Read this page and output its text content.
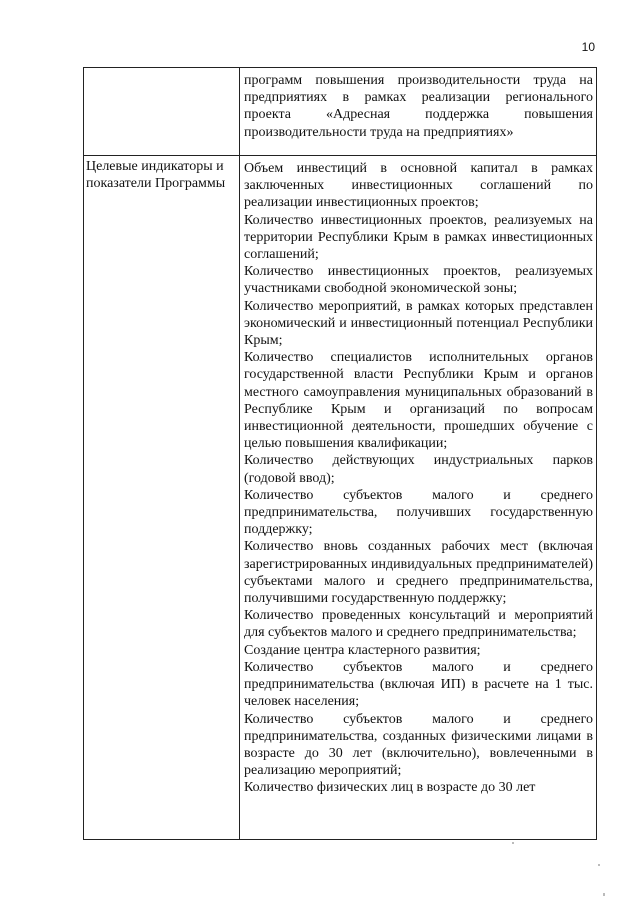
10
программ повышения производительности труда на предприятиях в рамках реализации регионального проекта «Адресная поддержка повышения производительности труда на предприятиях»
Целевые индикаторы и показатели Программы
Объем инвестиций в основной капитал в рамках заключенных инвестиционных соглашений по реализации инвестиционных проектов;
Количество инвестиционных проектов, реализуемых на территории Республики Крым в рамках инвестиционных соглашений;
Количество инвестиционных проектов, реализуемых участниками свободной экономической зоны;
Количество мероприятий, в рамках которых представлен экономический и инвестиционный потенциал Республики Крым;
Количество специалистов исполнительных органов государственной власти Республики Крым и органов местного самоуправления муниципальных образований в Республике Крым и организаций по вопросам инвестиционной деятельности, прошедших обучение с целью повышения квалификации;
Количество действующих индустриальных парков (годовой ввод);
Количество субъектов малого и среднего предпринимательства, получивших государственную поддержку;
Количество вновь созданных рабочих мест (включая зарегистрированных индивидуальных предпринимателей) субъектами малого и среднего предпринимательства, получившими государственную поддержку;
Количество проведенных консультаций и мероприятий для субъектов малого и среднего предпринимательства;
Создание центра кластерного развития;
Количество субъектов малого и среднего предпринимательства (включая ИП) в расчете на 1 тыс. человек населения;
Количество субъектов малого и среднего предпринимательства, созданных физическими лицами в возрасте до 30 лет (включительно), вовлеченными в реализацию мероприятий;
Количество физических лиц в возрасте до 30 лет
